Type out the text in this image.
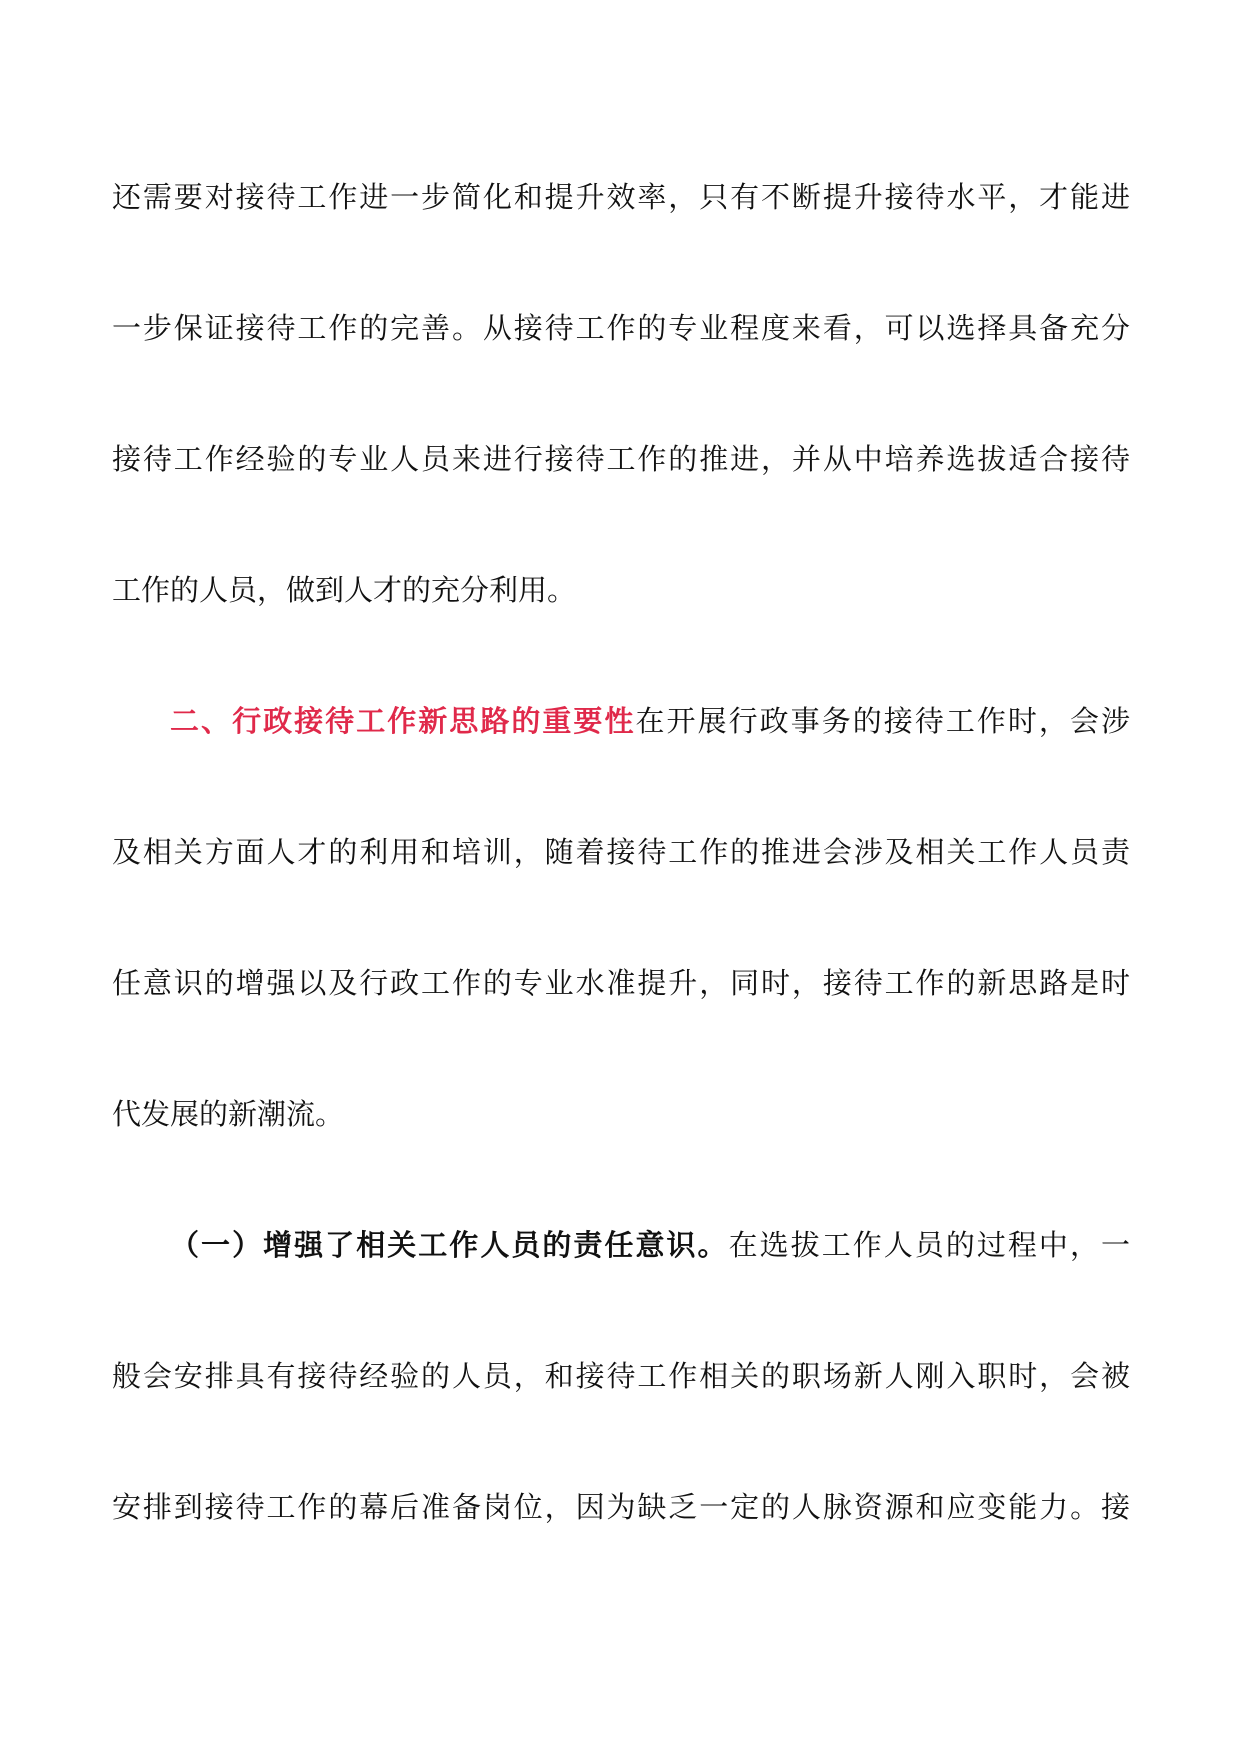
还需要对接待工作进一步简化和提升效率，只有不断提升接待水平，才能进

一步保证接待工作的完善。从接待工作的专业程度来看，可以选择具备充分

接待工作经验的专业人员来进行接待工作的推进，并从中培养选拔适合接待

工作的人员，做到人才的充分利用。

二、行政接待工作新思路的重要性在开展行政事务的接待工作时，会涉

及相关方面人才的利用和培训，随着接待工作的推进会涉及相关工作人员责

任意识的增强以及行政工作的专业水准提升，同时，接待工作的新思路是时

代发展的新潮流。

（一）增强了相关工作人员的责任意识。在选拔工作人员的过程中，一

般会安排具有接待经验的人员，和接待工作相关的职场新人刚入职时，会被

安排到接待工作的幕后准备岗位，因为缺乏一定的人脉资源和应变能力。接
